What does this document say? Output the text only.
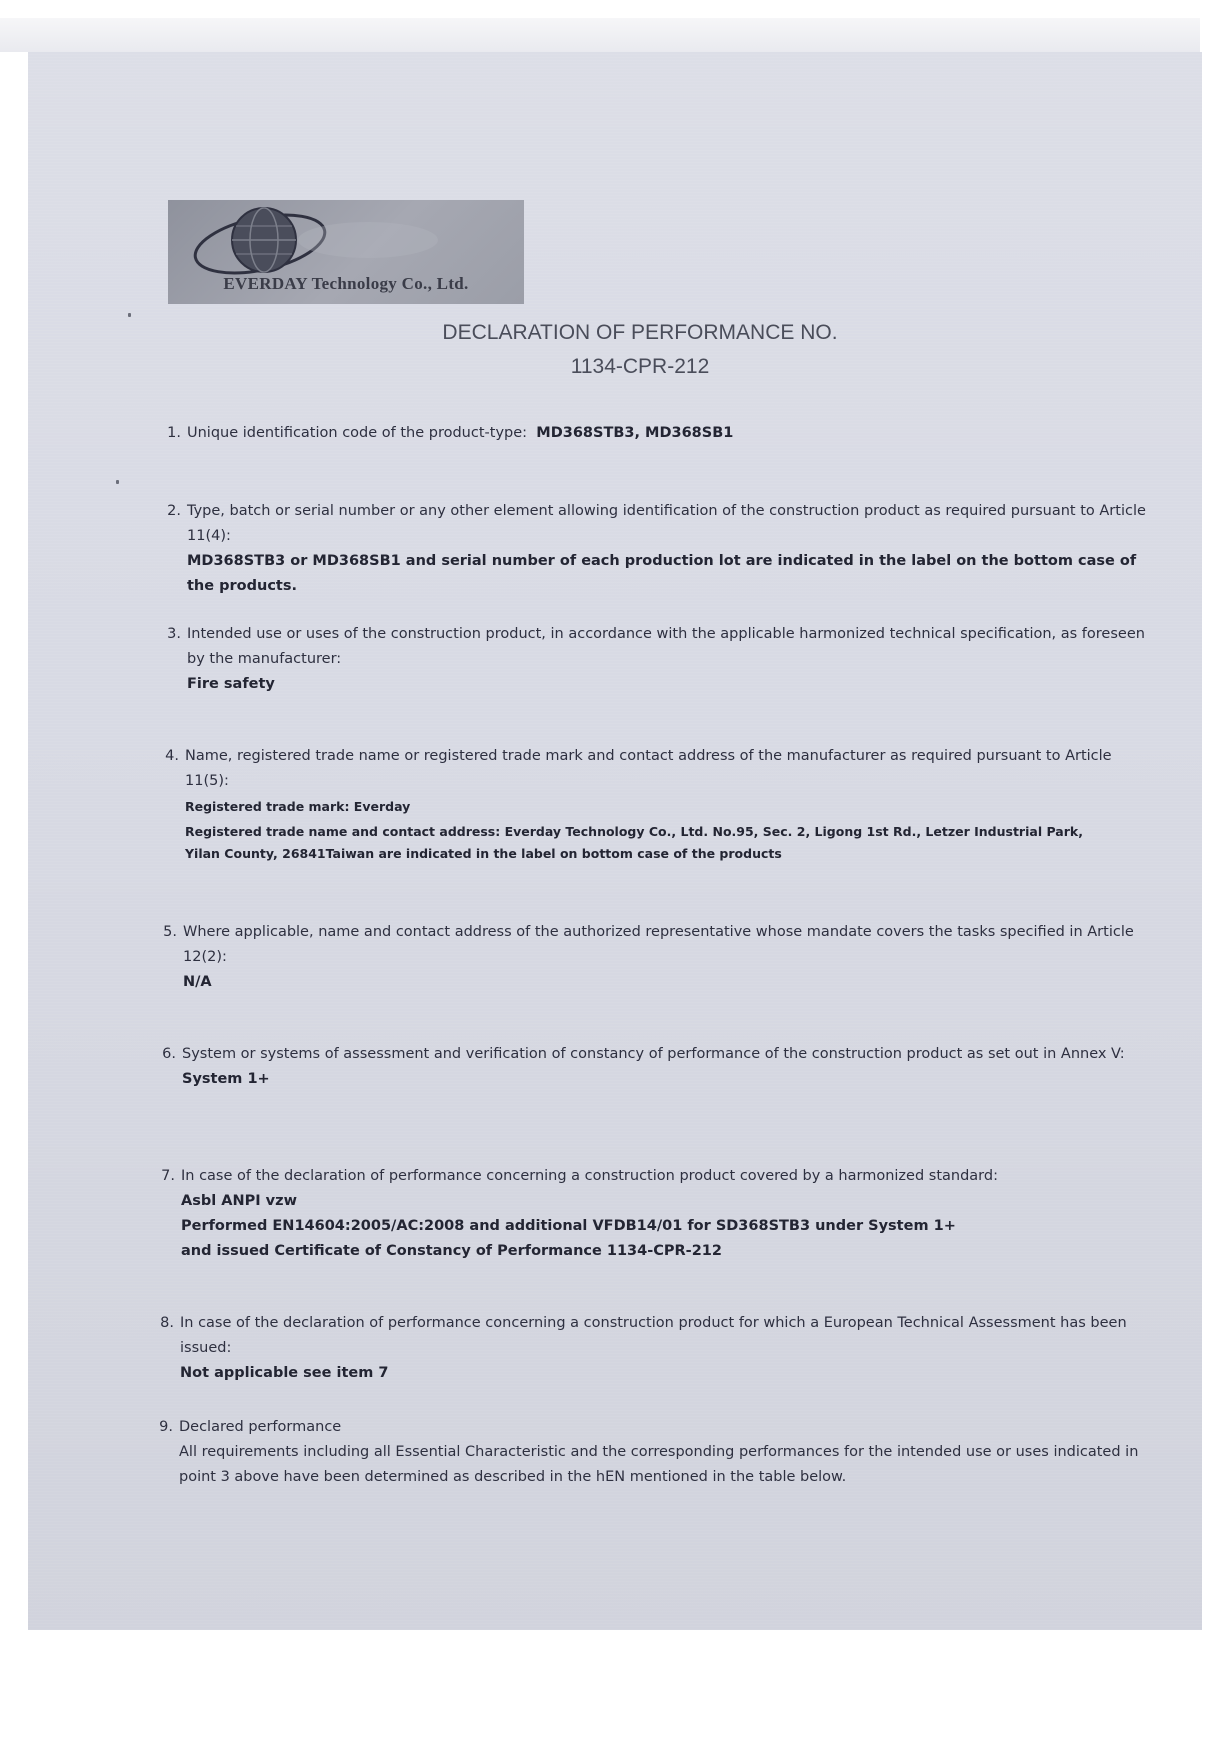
EVERDAY Technology Co., Ltd.
DECLARATION OF PERFORMANCE NO.
1134-CPR-212
1. Unique identification code of the product-type: MD368STB3, MD368SB1
2. Type, batch or serial number or any other element allowing identification of the construction product as required pursuant to Article 11(4):
MD368STB3 or MD368SB1 and serial number of each production lot are indicated in the label on the bottom case of the products.
3. Intended use or uses of the construction product, in accordance with the applicable harmonized technical specification, as foreseen by the manufacturer:
Fire safety
4. Name, registered trade name or registered trade mark and contact address of the manufacturer as required pursuant to Article 11(5):
Registered trade mark: Everday
Registered trade name and contact address: Everday Technology Co., Ltd. No.95, Sec. 2, Ligong 1st Rd., Letzer Industrial Park,
Yilan County, 26841Taiwan are indicated in the label on bottom case of the products
5. Where applicable, name and contact address of the authorized representative whose mandate covers the tasks specified in Article 12(2):
N/A
6. System or systems of assessment and verification of constancy of performance of the construction product as set out in Annex V:
System 1+
7. In case of the declaration of performance concerning a construction product covered by a harmonized standard:
Asbl ANPI vzw
Performed EN14604:2005/AC:2008 and additional VFDB14/01 for SD368STB3 under System 1+
and issued Certificate of Constancy of Performance 1134-CPR-212
8. In case of the declaration of performance concerning a construction product for which a European Technical Assessment has been issued:
Not applicable see item 7
9. Declared performance
All requirements including all Essential Characteristic and the corresponding performances for the intended use or uses indicated in point 3 above have been determined as described in the hEN mentioned in the table below.
